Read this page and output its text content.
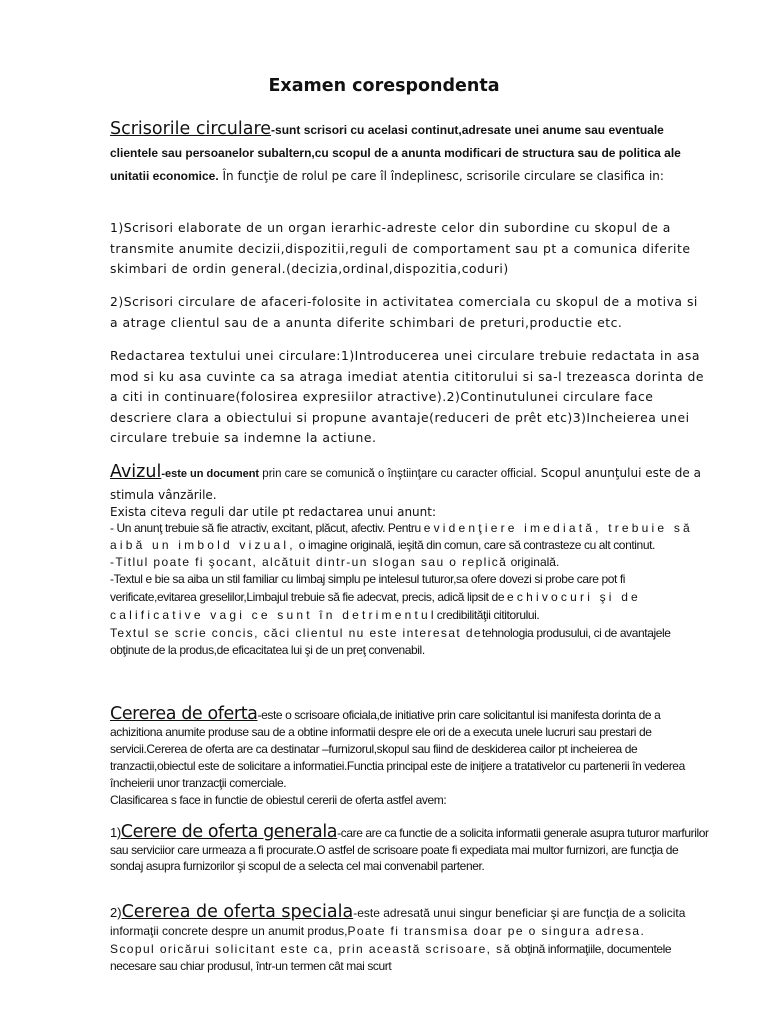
Examen corespondenta

Scrisorile circulare-sunt scrisori cu acelasi continut,adresate unei anume sau eventuale clientele sau persoanelor subaltern,cu scopul de a anunta modificari de structura sau de politica ale unitatii economice. În funcţie de rolul pe care îl îndeplinesc, scrisorile circulare se clasifica in:

1)Scrisori elaborate de un organ ierarhic-adreste celor din subordine cu skopul de a transmite anumite decizii,dispozitii,reguli de comportament sau pt a comunica diferite skimbari de ordin general.(decizia,ordinal,dispozitia,coduri)

2)Scrisori circulare de afaceri-folosite in activitatea comerciala cu skopul de a motiva si a atrage clientul sau de a anunta diferite schimbari de preturi,productie etc.

Redactarea textului unei circulare:1)Introducerea unei circulare trebuie redactata in asa mod si ku asa cuvinte ca sa atraga imediat atentia cititorului si sa-l trezeasca dorinta de a citi in continuare(folosirea expresiilor atractive).2)Continutulunei circulare face descriere clara a obiectului si propune avantaje(reduceri de prêt etc)3)Incheierea unei circulare trebuie sa indemne la actiune.

Avizul-este un document prin care se comunică o înştiinţare cu caracter official. Scopul anunţului este de a stimula vânzările.
Exista citeva reguli dar utile pt redactarea unui anunt:
- Un anunţ trebuie să fie atractiv, excitant, plăcut, afectiv. Pentru evidenţiere imediată, trebuie să aibă un imbold vizual, o imagine originală, ieşită din comun, care să contrasteze cu alt continut.
-Titlul poate fi şocant, alcătuit dintr-un slogan sau o replică originală.
-Textul e bie sa aiba un stil familiar cu limbaj simplu pe intelesul tuturor,sa ofere dovezi si probe care pot fi verificate,evitarea greselilor,Limbajul trebuie să fie adecvat, precis, adică lipsit de echivocuri şi de calificative vagi ce sunt în detrimentulcredibilităţii cititorului.
Textul se scrie concis, căci clientul nu este interesat detehnologia produsului, ci de avantajele obţinute de la produs,de eficacitatea lui şi de un preţ convenabil.
Cererea de oferta-este o scrisoare oficiala,de initiative prin care solicitantul isi manifesta dorinta de a achizitiona anumite produse sau de a obtine informatii despre ele ori de a executa unele lucruri sau prestari de servicii.Cererea de oferta are ca destinatar –furnizorul,skopul sau fiind de deskiderea cailor pt incheierea de tranzactii,obiectul este de solicitare a informatiei.Functia principal este de iniţiere a tratativelor cu partenerii în vederea încheierii unor tranzacţii comerciale.
Clasificarea s face in functie de obiestul cererii de oferta astfel avem:
1)Cerere de oferta generala-care are ca functie de a solicita informatii generale asupra tuturor marfurilor sau serviciior care urmeaza a fi procurate.O astfel de scrisoare poate fi expediata mai multor furnizori, are funcţia de sondaj asupra furnizorilor şi scopul de a selecta cel mai convenabil partener.
2)Cererea de oferta speciala-este adresată unui singur beneficiar şi are funcţia de a solicita informaţii concrete despre un anumit produs,Poate fi transmisa doar pe o singura adresa.
Scopul oricărui solicitant este ca, prin această scrisoare, să obţină informaţiile, documentele necesare sau chiar produsul, într-un termen cât mai scurt
